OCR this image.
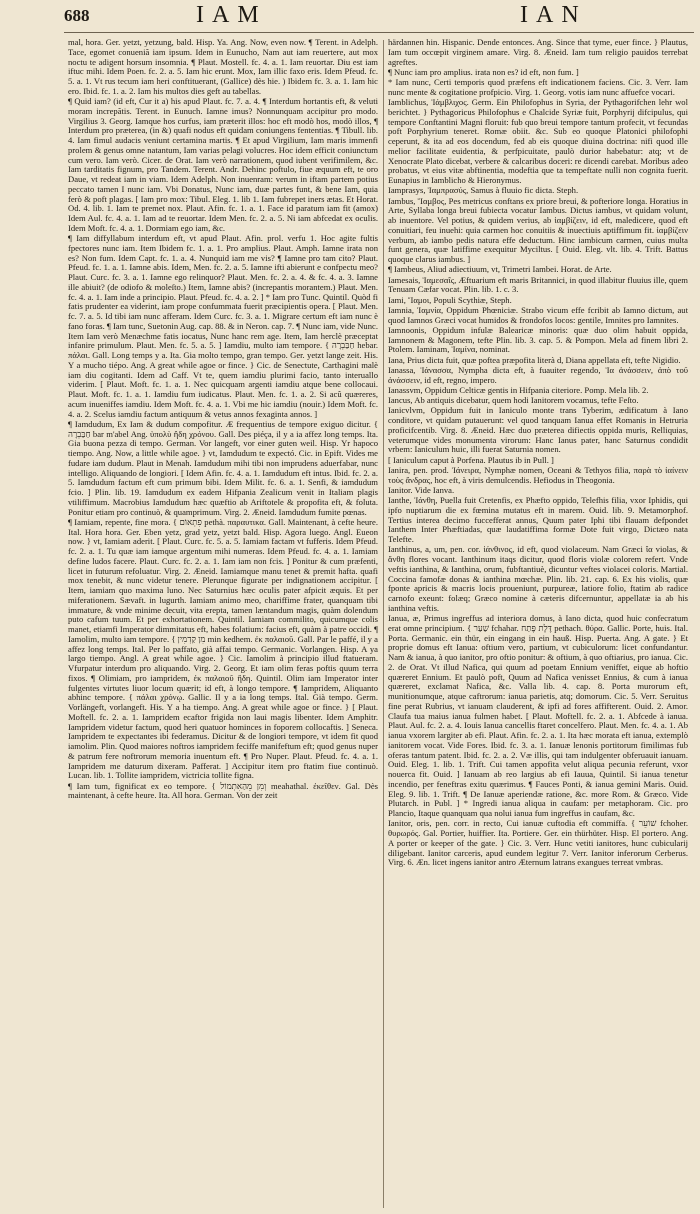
688	IAM	IAN

mal, hora. Ger. yetzt, yetzung, bald. Hisp. Ya. Ang. Now, even now. ¶ Terent. in Adelph. Tace, egomet conueniã iam ipsum. Idem in Eunucho, Nam aut iam reuertere, aut mox noctu te adigent horsum insomnia. ¶ Plaut. Mostell. fc. 4. a. 1. Iam reuortar. Diu est iam iftuc mihi. Idem Poen. fc. 2. a. 5. Iam hic erunt. Mox, Iam illic faxo eris. Idem Pfeud. fc. 5. a. 1. Vt rus tecum iam heri conftituerant, (Gallice) dès hie. ) Ibidem fc. 3. a. 1. Iam hic ero. Ibid. fc. 1. a. 2. Iam his multos dies geft au tabellas.

¶ Quid iam? (id eft, Cur it a) his apud Plaut. fc. 7. a. 4. ¶ Interdum hortantis eft, & veluti moram increpãtis. Terent. in Eunuch. Iamne imus? Nonnunquam accipitur pro modo. Virgilius 3. Georg. Iamque hos curfus, iam præterit illos: hoc eft modò hos, modò illos, ¶ Interdum pro præterea, (in &) quafi nodus eft quidam coniungens fententias. ¶ Tibull. lib. 4. Iam fimul audacis veniunt certamina martis. ¶ Et apud Virgilium, Iam maris immenfi prolem & genus omne natantum, Iam varias pelagi volucres. Hoc idem efficit coniunctum cum vero. Iam verò. Cicer. de Orat. Iam verò narrationem, quod iubent verifimilem, &c. Iam tarditatis fignum, pro Tandem. Terent. Andr. Dehinc poftulo, fiue æquum eft, te oro Daue, vt redeat iam in viam. Idem Adelph. Non inuenram: verum in iftam partem potius peccato tamen I nunc iam. Vbi Donatus, Nunc iam, duæ partes funt, & bene Iam, quia ferò & poft plagas. [ Iam pro mox: Tibul. Eleg. 1. lib 1. Iam fubrepet iners ætas. Et Horat. Od. 4. lib. 1. Iam te premet nox. Plaut. Afin. fc. 1. a. 1. Face id paratum iam fit (amox) Idem Aul. fc. 4. a. 1. Iam ad te reuortar. Idem Men. fc. 2. a. 5. Ni iam abfcedat ex oculis. Idem Moft. fc. 4. a. 1. Dormiam ego iam, &c.

¶ Iam diffyllabum interdum eft, vt apud Plaut. Afin. prol. verfu 1. Hoc agite fultis fpectores nunc iam. Item Ibidem fc. 1. a. 1. Pro amplius. Plaut. Amph. Iamne irata non es? Non fum. Idem Capt. fc. 1. a. 4. Nunquid iam me vis? ¶ Iamne pro tam cito? Plaut. Pfeud. fc. 1. a. 1. Iamne abis. Idem, Men. fc. 2. a. 5. Iamne ifti abierunt e confpectu meo? Plaut. Curc. fc. 3. a. 1. Iamne ego relinquor? Plaut. Men. fc. 2. a. 4. & fc. 4. a. 3. Iamne ille abiuit? (de odiofo & moleſto.) Item, Iamne abis? (increpantis morantem.) Plaut. Men. fc. 4. a. 1. Iam inde a principio. Plaut. Pfeud. fc. 4. a. 2. ] * Iam pro Tunc. Quintil. Quòd fi fatis prudenter ea viderint, iam prope confummata fuerit præcipientis opera. [ Plaut. Men. fc. 7. a. 5. Id tibi iam nunc afferam. Idem Curc. fc. 3. a. 1. Migrare certum eft iam nunc è fano foras. ¶ Iam tunc, Suetonin Aug. cap. 88. & in Neron. cap. 7. ¶ Nunc iam, vide Nunc. Item Iam verò Menæchme fatis iocatus, Nunc hanc rem age. Item, Iam herclè præceptat infanire primulum. Plaut. Men. fc. 5. a. 5. ] Iamdiu, multo iam tempore. { חַבַּבְרָה hebar. πάλαι. Gall. Long temps y a. Ita. Gia molto tempo, gran tempo. Ger. yetzt lange zeit. His. Y a mucho tiépo. Ang. A great while agoe or fince. } Cic. de Senectute, Carthagini malè iam diu cogitanti. Idem ad Caff. Vt te, quem iamdiu plurimi facio, tanto interuallo viderim. [ Plaut. Moft. fc. 1. a. 1. Nec quicquam argenti iamdiu atque bene collocaui. Plaut. Moft. fc. 1. a. 1. Iamdiu fum iudicatus. Plaut. Men. fc. 1. a. 2. Si acû quæreres, acum inueniffes iamdiu. Idem Moft. fc. 4. a. 1. Vbi me hic iamdiu (nouir.) Idem Moft. fc. 4. a. 2. Scelus iamdiu factum antiquum & vetus annos fexaginta annos. ]

¶ Iamdudum, Ex Iam & dudum compofitur. Æ frequentius de tempore exiguo dicitur. { חַבַּבְרָה bar m'abel Ang. ὑπολὺ ἢδη χρόνου. Gall. Des piéça, il y a ia affez long temps. Ita. Gia buona pezza di tempo. German. Vor langeft, vor einer guten weil. Hisp. Yr hapoco tiempo. Ang. Now, a little while agoe. } vt, Iamdudum te expectó. Cic. in Epift. Vides me fudare iam dudum. Plaut in Menah. Iamdudum mihi tibi non imprudens aduerfabar, nunc intelligo. Aliquando de longiori. [ Idem Afin. fc. 4. a. 1. Iamdudum eft intus. Ibid. fc. 2. a. 5. Iamdudum factum eft cum primum bibi. Idem Milit. fc. 6. a. 1. Senfi, & iamdudum fcio. ] Plin. lib. 19. Iamdudum ex eadem Hifpania Zealicum venit in Italiam plagis vtiliffimum. Macrobius Iamdudum hæc quæftio ab Ariftotele & propofita eft, & foluta. Ponitur etiam pro continuò, & quamprimum. Virg. 2. Æneid. Iamdudum fumite pœnas.

¶ Iamiam, repente, fine mora. { פִתְאוֹם pethà. παραυτικα. Gall. Maintenant, à cefte heure. Ital. Hora hora. Ger. Eben yetz, grad yetz, yetzt bald. Hisp. Agora luego. Angl. Eueon now. } vt, Iamiam aderit. [ Plaut. Curc. fc. 5. a. 5. Iamiam factam vt fufferis. Idem Pfeud. fc. 2. a. 1. Tu quæ iam iamque argentum mihi numeras. Idem Pfeud. fc. 4. a. 1. Iamiam define ludos facere. Plaut. Curc. fc. 2. a. 1. Iam iam non fcis. ] Ponitur & cum præfenti, licet in futurum refoluatur. Virg. 2. Æneid. Iamiamque manu tenet & premit hafta. quafi mox tenebit, & nunc videtur tenere. Plerunque figurate per indignationem accipitur. [ Item, iamiam quo maxima luno. Nec Saturnius hæc oculis pater afpicit æquis. Et per miferationem. Sævaft. in lugurth. Iamiam animo meo, chariffime frater, quanquam tibi immature, & vnde minime decuit, vita erepta, tamen læntandum magis, quàm dolendum puto cafum tuum. Et per exhortationem. Quintil. Iamiam commilito, quicumque colis manet, etiamfi Imperator dimmitatus eft, habes folatium: facius eft, quàm à patre occidi. ¶ Iamolim, multo iam tempore. { מִן קַדְמִין min kedhem. ἐκ παλαιοῦ. Gall. Par le paffé, il y a affez long temps. Ital. Per lo paffato, già affai tempo. Germanic. Vorlangen. Hisp. A ya largo tiempo. Angl. A great while agoe. } Cic. Iamolim à principio illud ftatueram. Vfurpatur interdum pro aliquando. Virg. 2. Georg. Et iam olim feras poftis quum terra fixos. ¶ Olimiam, pro iampridem, ἐκ παλαιοῦ ἢδη. Quintil. Olim iam Imperator inter fulgentes virtutes liuor locum quærit; id eft, à longo tempore. ¶ Iampridem, Aliquanto abhinc tempore. { πάλαι χρόνῳ. Gallic. Il y a ia long temps. Ital. Già tempo. Germ. Vorlängeft, vorlangeft. His. Y a ha tiempo. Ang. A great while agoe or fince. } [ Plaut. Moftell. fc. 2. a. 1. Iampridem ecaftor frigida non laui magis libenter. Idem Amphitr. Iampridem videtur factum, quod heri quatuor hominces in foporem collocaftis. ] Seneca. Iampridem te expectantes ibi federamus. Dicitur & de longiori tempore, vt idem fit quod iamolim. Plin. Quod maiores noftros iampridem feciffe manifeftum eft; quod genus nuper & patrum fere noftrorum memoria inuentum eft. ¶ Pro Nuper. Plaut. Pfeud. fc. 4. a. 1. Iampridem me daturum dixeram. Pafferat. ] Accipitur item pro ftatim fiue continuò. Lucan. lib. 1. Tollite iampridem, victricia tollite figna.

¶ Iam tum, fignificat ex eo tempore. { וְמִן מֵהַאִתְמוֹל meahathal. ἐκεῖθεν. Gal. Dès maintenant, à cefte heure. Ita. All hora. German. Von der zeit

härdannen hin. Hispanic. Dende entonces. Ang. Since that tyme, euer fince. } Plautus, Iam tum occœpit virginem amare. Virg. 8. Æneid. Iam tum religio pauidos terrebat agreftes.

¶ Nunc iam pro amplius. irata non es? id eft, non fum. ]

* Iam nunc, Certi temporis quod præfens eft indicationem faciens. Cic. 3. Verr. Iam nunc mente & cogitatione profpicio. Virg. 1. Georg. votis iam nunc affuefce vocari.

Iamblichus, Ἰάμβλιχος. Germ. Ein Philofophus in Syria, der Pythagorifchen lehr wol berichtet. } Pythagoricus Philofophus e Chalcide Syriæ fuit, Porphyrij difcipulus, qui tempore Conftantini Magni floruit: fub quo breui tempore tantum profecit, vt fecundas poft Porphyrium teneret. Romæ obiit. &c. Sub eo quoque Platonici philofophi ceperunt, & ita ad eos docendum, fed ab eis quoque diuina doctrina: nifi quod ille melior facilitate euidentia, & perfpicuitate, paulò durior habebatur: atq; vt de Xenocrate Plato dicebat, verbere & calcaribus doceri: re dicendi carebat. Moribus adeo probatus, vt eius vitæ abftinentia, modeftia que ta tempeftate nulli non cognita fuerit. Eunapius in Iamblicho & Hieronymus.

Iamprasys, Ἰαμπρασύς, Samus à fluuio fic dicta. Steph.

Iambus, Ἴαμβος, Pes metricus conftans ex priore breui, & pofteriore longa. Horatius in Arte, Syllaba longa breui fubiecta vocatur Iambus. Dictus iambus, vt quidam volunt, ab inuentore. Vel potius, & quidem verius, ab ἰαμβίζειν, id eft, maledicere, quod eft conuitiari, feu inuehi: quia carmen hoc conuitiis & inuectiuis aptiffimum fit. ἰαμβίζειν verbum, ab iambo pedis natura effe deductum. Hinc iambicum carmen, cuius multa funt genera, quæ latiffime exequitur Myciltus. [ Ouid. Eleg. vlt. lib. 4. Trift. Battus quoque clarus iambus. ]

¶ Iambeus, Aliud adiectiuum, vt, Trimetri Iambei. Horat. de Arte.

Iamesais, Ἰαμεσαΐς, Æftuarium eft maris Britannici, in quod illabitur fluuius ille, quem Tenuam Cæfar vocat. Plin. lib. 1. c. 3.

Iami, Ἴαμοι, Populi Scythiæ, Steph.

Iamnia, Ἰαμνία, Oppidum Phœniciæ. Strabo vicum effe fcribit ab Iamno dictum, aut quod Iamnos Græci vocat humidos & frondofos locos: gentile, Imnites pro Iamnites.

Iamnoonis, Oppidum infulæ Balearicæ minoris: quæ duo olim habuit oppida, Iamnonem & Magonem, tefte Plin. lib. 3. cap. 5. & Pompon. Mela ad finem libri 2. Ptolem. Iaminam, Ἰαμίνα, nominat.

Iana, Prius dicta fuit, quæ poftea præpofita literà d, Diana appellata eft, tefte Nigidio.

Ianassa, Ἰάνασσα, Nympha dicta eft, à fuauiter regendo, Ἰα ἀνάσσειν, ἀπὸ τοῦ ἀνάσσειν, id eft, regno, impero.

Ianassvm, Oppidum Celticæ gentis in Hifpania citeriore. Pomp. Mela lib. 2.

Iancus, Ab antiquis dicebatur, quem hodi Ianitorem vocamus, tefte Feſto.

Ianicvlvm, Oppidum fuit in Ianiculo monte trans Tyberim, ædificatum à Iano conditore, vt quidam putauerunt: vel quod tanquam Ianua effet Romanis in Hetruria proficifcentib. Virg. 8. Æneid. Hæc duo præterea difiectis oppida muris, Relliquias, veterumque vides monumenta virorum: Hanc Ianus pater, hanc Saturnus condidit vrbem: Ianiculum huic, illi fuerat Saturnia nomen.

[ Ianiculum caput à Porfena. Plautus ib in Pull. ]

Ianira, pen. prod. Ἰάνειρα, Nymphæ nomen, Oceani & Tethyos filia, παρὰ τὸ ἰαίνειν τοὺς ἄνδρας, hoc eft, à viris demulcendis. Hefiodus in Theogonia.

Ianitor. Vide Ianva.

Ianthe, Ἰάνθη, Puella fuit Cretenfis, ex Phæfto oppido, Telefhis filia, vxor Iphidis, qui ipfo nuptiarum die ex fœmina mutatus eft in marem. Ouid. lib. 9. Metamorphof. Tertius interea decimo fuccefferat annus, Quum pater Iphi tibi flauam defpondet Ianthem Inter Phæftiadas, quæ laudatiffima formæ Dote fuit virgo, Dictæo nata Telefte.

Ianthinus, a, um, pen. cor. ἰάνθινος, id eft, quod violaceum. Nam Græci ἴα violas, & ἄνθη flores vocant. Ianthinum itaqs dicitur, quod floris violæ colorem refert. Vnde veftis ianthina, & Ianthina, orum, fubftantiuè, dicuntur veftes violacei coloris. Martial. Coccina famofæ donas & ianthina mœchæ. Plin. lib. 21. cap. 6. Ex his violis, quæ fponte apricis & macris locis proueniunt, purpureæ, latiore folio, ftatim ab radice carnofo exeunt: folæq; Græco nomine à cæteris difcernuntur, appellatæ ia ab his ianthina veftis.

Ianua, æ, Primus ingreffus ad interiora domus, à Iano dicta, quod huic confecratum erat omne principium. { שַׁעַר fchahar. דֶּלֶת פֶּתַח pethach. θύρα. Gallic. Porte, huis. Ital. Porta. Germanic. ein thür, ein eingang in ein hauß. Hisp. Puerta. Ang. A gate. } Et proprie domus eft Ianua: oftium vero, partium, vt cubiculorum: licet confundantur. Nam & ianua, à quo ianitor, pro oftio ponitur: & oftium, à quo oftiarius, pro ianua. Cic. 2. de Orat. Vt illud Nafica, qui quum ad poetam Ennium veniffet, eique ab hoftio quæreret Ennium. Et paulò poft, Quum ad Nafica venisset Ennius, & cum à ianua quæreret, exclamat Nafica, &c. Valla lib. 4. cap. 8. Porta murorum eft, munitionumque, atque caftrorum: ianua parietis, atq; domorum. Cic. 5. Verr. Seruitus fine perat Rubrius, vt ianuam clauderent, & ipfi ad fores affifterent. Ouid. 2. Amor. Claufa tua maius ianua fulmen habet. [ Plaut. Moftell. fc. 2. a. 1. Abfcede à ianua. Plaut. Aul. fc. 2. a. 4. Iouis Ianua cancellis ftaret concelfero. Plaut. Men. fc. 4. a. 1. Ab ianua vxorem largiter ab efi. Plaut. Afin. fc. 2. a. 1. Ita hæc morata eft ianua, extemplò ianitorem vocat. Vide Fores. Ibid. fc. 3. a. 1. Ianuæ lenonis portitorum fimilimas fub oferas tantum patent. Ibid. fc. 2. a. 2. Væ illis, qui tam indulgenter obferuauit ianuam. Ouid. Eleg. 1. lib. 1. Trift. Cui tamen appofita velut aliqua pecunia referunt, vxor nouerca fit. Ouid. ] Ianuam ab reo largius ab efi Iauua, Quintil. Si ianua tenetur incendio, per feneftras exitu quærimus. ¶ Fauces Ponti, & ianua gemini Maris. Ouid. Eleg. 9. lib. 1. Trift. ¶ De Ianuæ aperiendæ ratione, &c. more Rom. & Græco. Vide Plutarch. in Publ. ] * Ingredi ianua aliqua in caufam: per metaphoram. Cic. pro Plancio, Itaque quanquam qua nolui ianua fum ingreffus in caufam, &c.

Ianitor, oris, pen. corr. in recto, Cui ianuæ cuftodia eft commiffa. { שׁוֹעֵר fchoher. θυρωρός. Gal. Portier, huiffier. Ita. Portiere. Ger. ein thürhüter. Hisp. El portero. Ang. A porter or keeper of the gate. } Cic. 3. Verr. Hunc vetiti ianitores, hunc cubicularij diligebant. Ianitor carceris, apud eundem legitur 7. Verr. Ianitor inferorum Cerberus. Virg. 6. Æn. licet ingens ianitor antro Æternum latrans exangues terreat vmbras.
